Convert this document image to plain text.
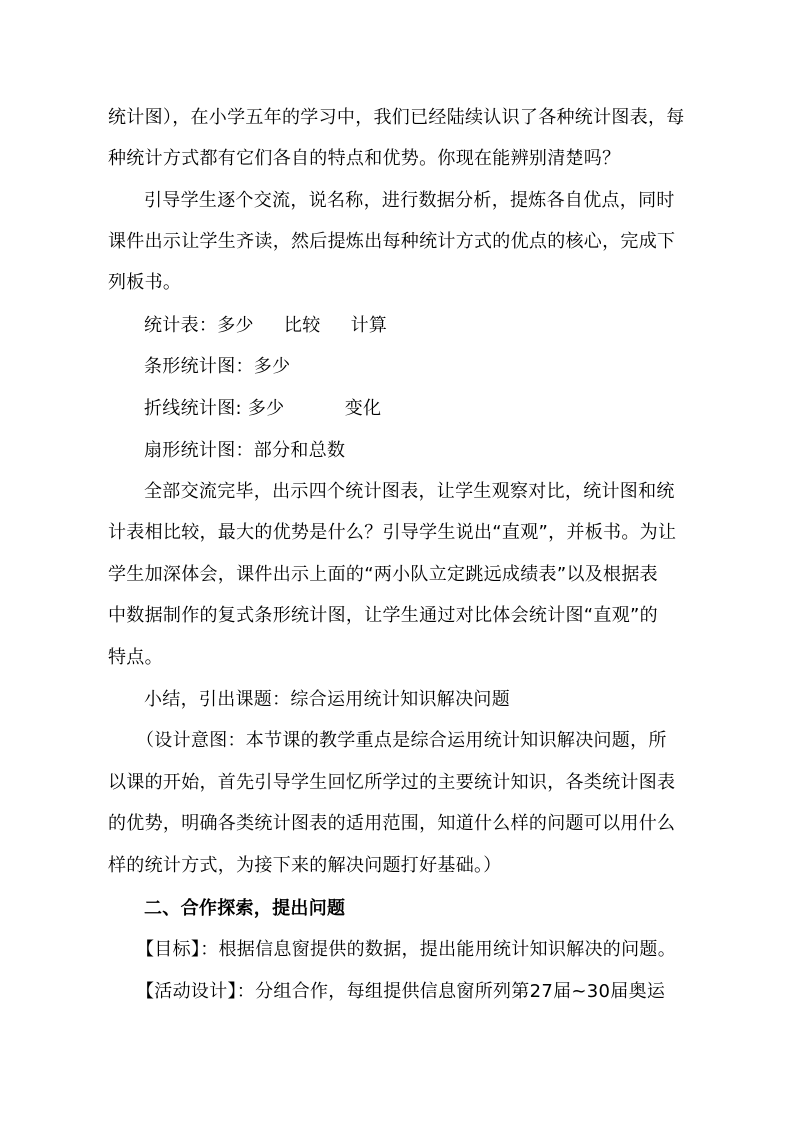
统计图），在小学五年的学习中，我们已经陆续认识了各种统计图表，每
种统计方式都有它们各自的特点和优势。你现在能辨别清楚吗？
引导学生逐个交流，说名称，进行数据分析，提炼各自优点，同时
课件出示让学生齐读，然后提炼出每种统计方式的优点的核心，完成下
列板书。
统计表：多少     比较     计算
条形统计图：多少
折线统计图: 多少          变化
扇形统计图：部分和总数
全部交流完毕，出示四个统计图表，让学生观察对比，统计图和统
计表相比较，最大的优势是什么？引导学生说出“直观”，并板书。为让
学生加深体会，课件出示上面的“两小队立定跳远成绩表”以及根据表
中数据制作的复式条形统计图，让学生通过对比体会统计图“直观”的
特点。
小结，引出课题：综合运用统计知识解决问题
（设计意图：本节课的教学重点是综合运用统计知识解决问题，所
以课的开始，首先引导学生回忆所学过的主要统计知识，各类统计图表
的优势，明确各类统计图表的适用范围，知道什么样的问题可以用什么
样的统计方式，为接下来的解决问题打好基础。）
二、合作探索，提出问题
【目标】：根据信息窗提供的数据，提出能用统计知识解决的问题。
【活动设计】：分组合作，每组提供信息窗所列第27届~30届奥运
